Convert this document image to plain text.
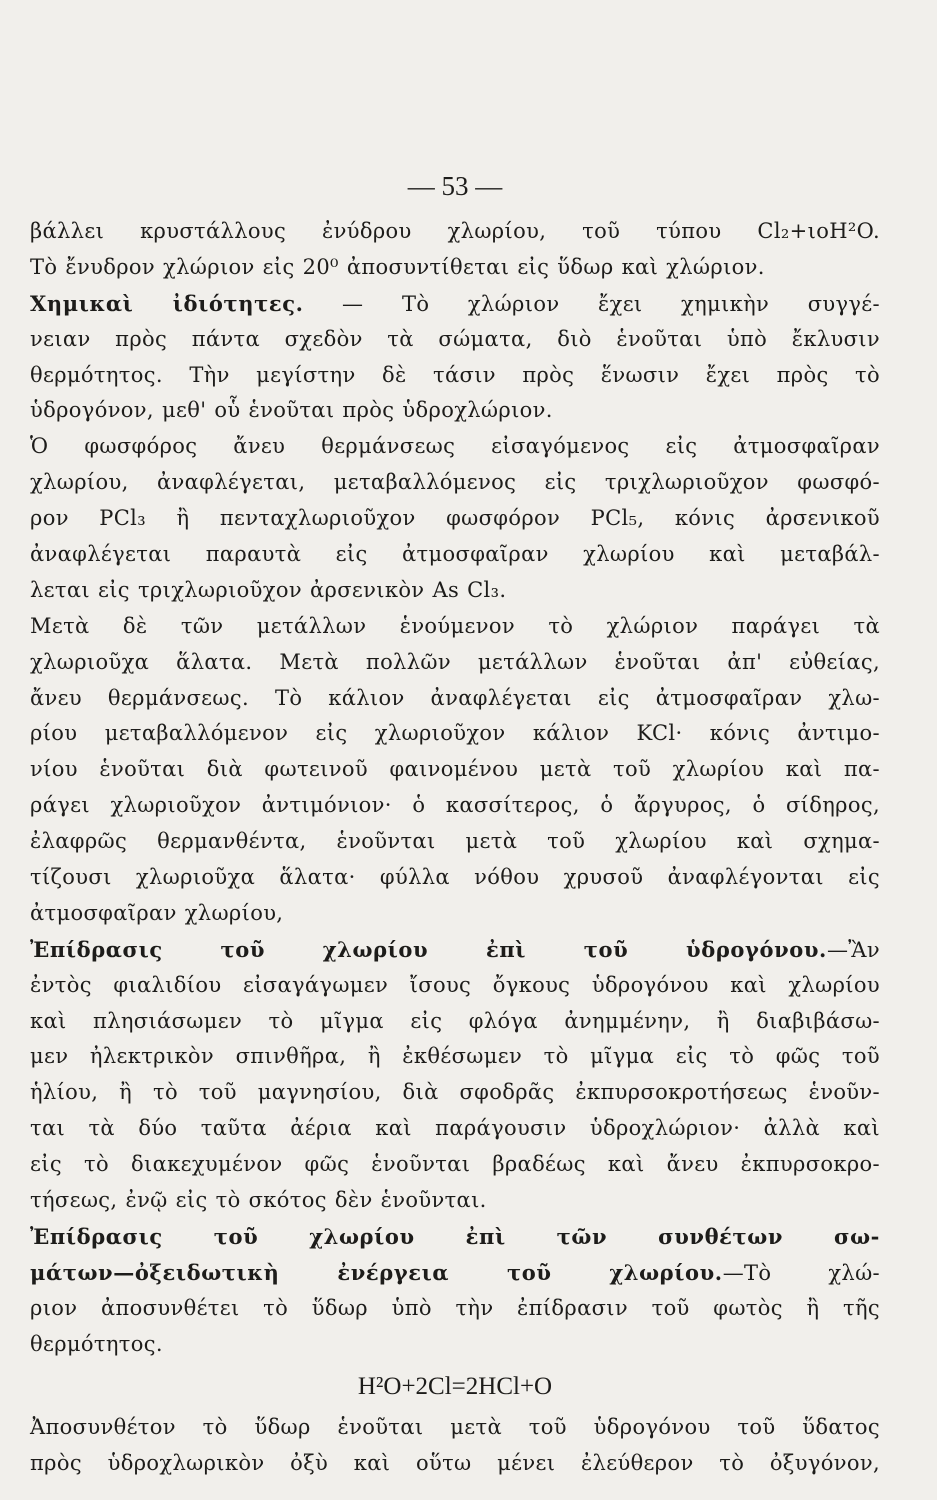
— 53 —
βάλλει κρυστάλλους ἐνύδρου χλωρίου, τοῦ τύπου Cl₂+ιοH²O.
Τὸ ἔνυδρον χλώριον εἰς 20⁰ ἀποσυντίθεται εἰς ὕδωρ καὶ χλώριον.
Χημικαὶ ἰδιότητες. — Τὸ χλώριον ἔχει χημικὴν συγγέ-
νειαν πρὸς πάντα σχεδὸν τὰ σώματα, διὸ ἑνοῦται ὑπὸ ἔκλυσιν
θερμότητος. Τὴν μεγίστην δὲ τάσιν πρὸς ἕνωσιν ἔχει πρὸς τὸ
ὑδρογόνον, μεθ' οὗ ἑνοῦται πρὸς ὑδροχλώριον.
Ὁ φωσφόρος ἄνευ θερμάνσεως εἰσαγόμενος εἰς ἀτμοσφαῖραν
χλωρίου, ἀναφλέγεται, μεταβαλλόμενος εἰς τριχλωριοῦχον φωσφό-
ρον PCl₃ ἢ πενταχλωριοῦχον φωσφόρον PCl₅, κόνις ἀρσενικοῦ
ἀναφλέγεται παραυτὰ εἰς ἀτμοσφαῖραν χλωρίου καὶ μεταβάλ-
λεται εἰς τριχλωριοῦχον ἀρσενικὸν As Cl₃.
Μετὰ δὲ τῶν μετάλλων ἑνούμενον τὸ χλώριον παράγει τὰ
χλωριοῦχα ἅλατα. Μετὰ πολλῶν μετάλλων ἑνοῦται ἀπ' εὐθείας,
ἄνευ θερμάνσεως. Τὸ κάλιον ἀναφλέγεται εἰς ἀτμοσφαῖραν χλω-
ρίου μεταβαλλόμενον εἰς χλωριοῦχον κάλιον KCl· κόνις ἀντιμο-
νίου ἑνοῦται διὰ φωτεινοῦ φαινομένου μετὰ τοῦ χλωρίου καὶ πα-
ράγει χλωριοῦχον ἀντιμόνιον· ὁ κασσίτερος, ὁ ἄργυρος, ὁ σίδηρος,
ἐλαφρῶς θερμανθέντα, ἑνοῦνται μετὰ τοῦ χλωρίου καὶ σχημα-
τίζουσι χλωριοῦχα ἅλατα· φύλλα νόθου χρυσοῦ ἀναφλέγονται εἰς
ἀτμοσφαῖραν χλωρίου,
Ἐπίδρασις τοῦ χλωρίου ἐπὶ τοῦ ὑδρογόνου.—Ἂν
ἐντὸς φιαλιδίου εἰσαγάγωμεν ἴσους ὄγκους ὑδρογόνου καὶ χλωρίου
καὶ πλησιάσωμεν τὸ μῖγμα εἰς φλόγα ἀνημμένην, ἢ διαβιβάσω-
μεν ἠλεκτρικὸν σπινθῆρα, ἢ ἐκθέσωμεν τὸ μῖγμα εἰς τὸ φῶς τοῦ
ἡλίου, ἢ τὸ τοῦ μαγνησίου, διὰ σφοδρᾶς ἐκπυρσοκροτήσεως ἑνοῦν-
ται τὰ δύο ταῦτα ἀέρια καὶ παράγουσιν ὑδροχλώριον· ἀλλὰ καὶ
εἰς τὸ διακεχυμένον φῶς ἑνοῦνται βραδέως καὶ ἄνευ ἐκπυρσοκρο-
τήσεως, ἐνῷ εἰς τὸ σκότος δὲν ἑνοῦνται.
Ἐπίδρασις τοῦ χλωρίου ἐπὶ τῶν συνθέτων σω-
μάτων—ὀξειδωτικὴ ἐνέργεια τοῦ χλωρίου.—Τὸ χλώ-
ριον ἀποσυνθέτει τὸ ὕδωρ ὑπὸ τὴν ἐπίδρασιν τοῦ φωτὸς ἢ τῆς
θερμότητος.
H²O+2Cl=2HCl+O
Ἀποσυνθέτον τὸ ὕδωρ ἑνοῦται μετὰ τοῦ ὑδρογόνου τοῦ ὕδατος
πρὸς ὑδροχλωρικὸν ὀξὺ καὶ οὕτω μένει ἐλεύθερον τὸ ὀξυγόνον,
